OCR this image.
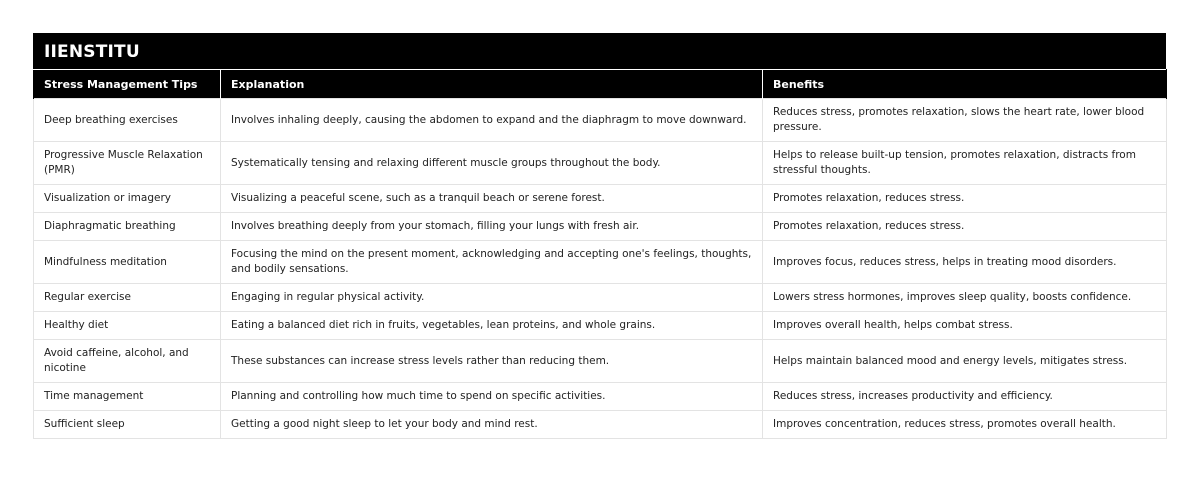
IIENSTITU
Stress Management Tips	Explanation	Benefits
Deep breathing exercises	Involves inhaling deeply, causing the abdomen to expand and the diaphragm to move downward.	Reduces stress, promotes relaxation, slows the heart rate, lower blood pressure.
Progressive Muscle Relaxation (PMR)	Systematically tensing and relaxing different muscle groups throughout the body.	Helps to release built-up tension, promotes relaxation, distracts from stressful thoughts.
Visualization or imagery	Visualizing a peaceful scene, such as a tranquil beach or serene forest.	Promotes relaxation, reduces stress.
Diaphragmatic breathing	Involves breathing deeply from your stomach, filling your lungs with fresh air.	Promotes relaxation, reduces stress.
Mindfulness meditation	Focusing the mind on the present moment, acknowledging and accepting one's feelings, thoughts, and bodily sensations.	Improves focus, reduces stress, helps in treating mood disorders.
Regular exercise	Engaging in regular physical activity.	Lowers stress hormones, improves sleep quality, boosts confidence.
Healthy diet	Eating a balanced diet rich in fruits, vegetables, lean proteins, and whole grains.	Improves overall health, helps combat stress.
Avoid caffeine, alcohol, and nicotine	These substances can increase stress levels rather than reducing them.	Helps maintain balanced mood and energy levels, mitigates stress.
Time management	Planning and controlling how much time to spend on specific activities.	Reduces stress, increases productivity and efficiency.
Sufficient sleep	Getting a good night sleep to let your body and mind rest.	Improves concentration, reduces stress, promotes overall health.
